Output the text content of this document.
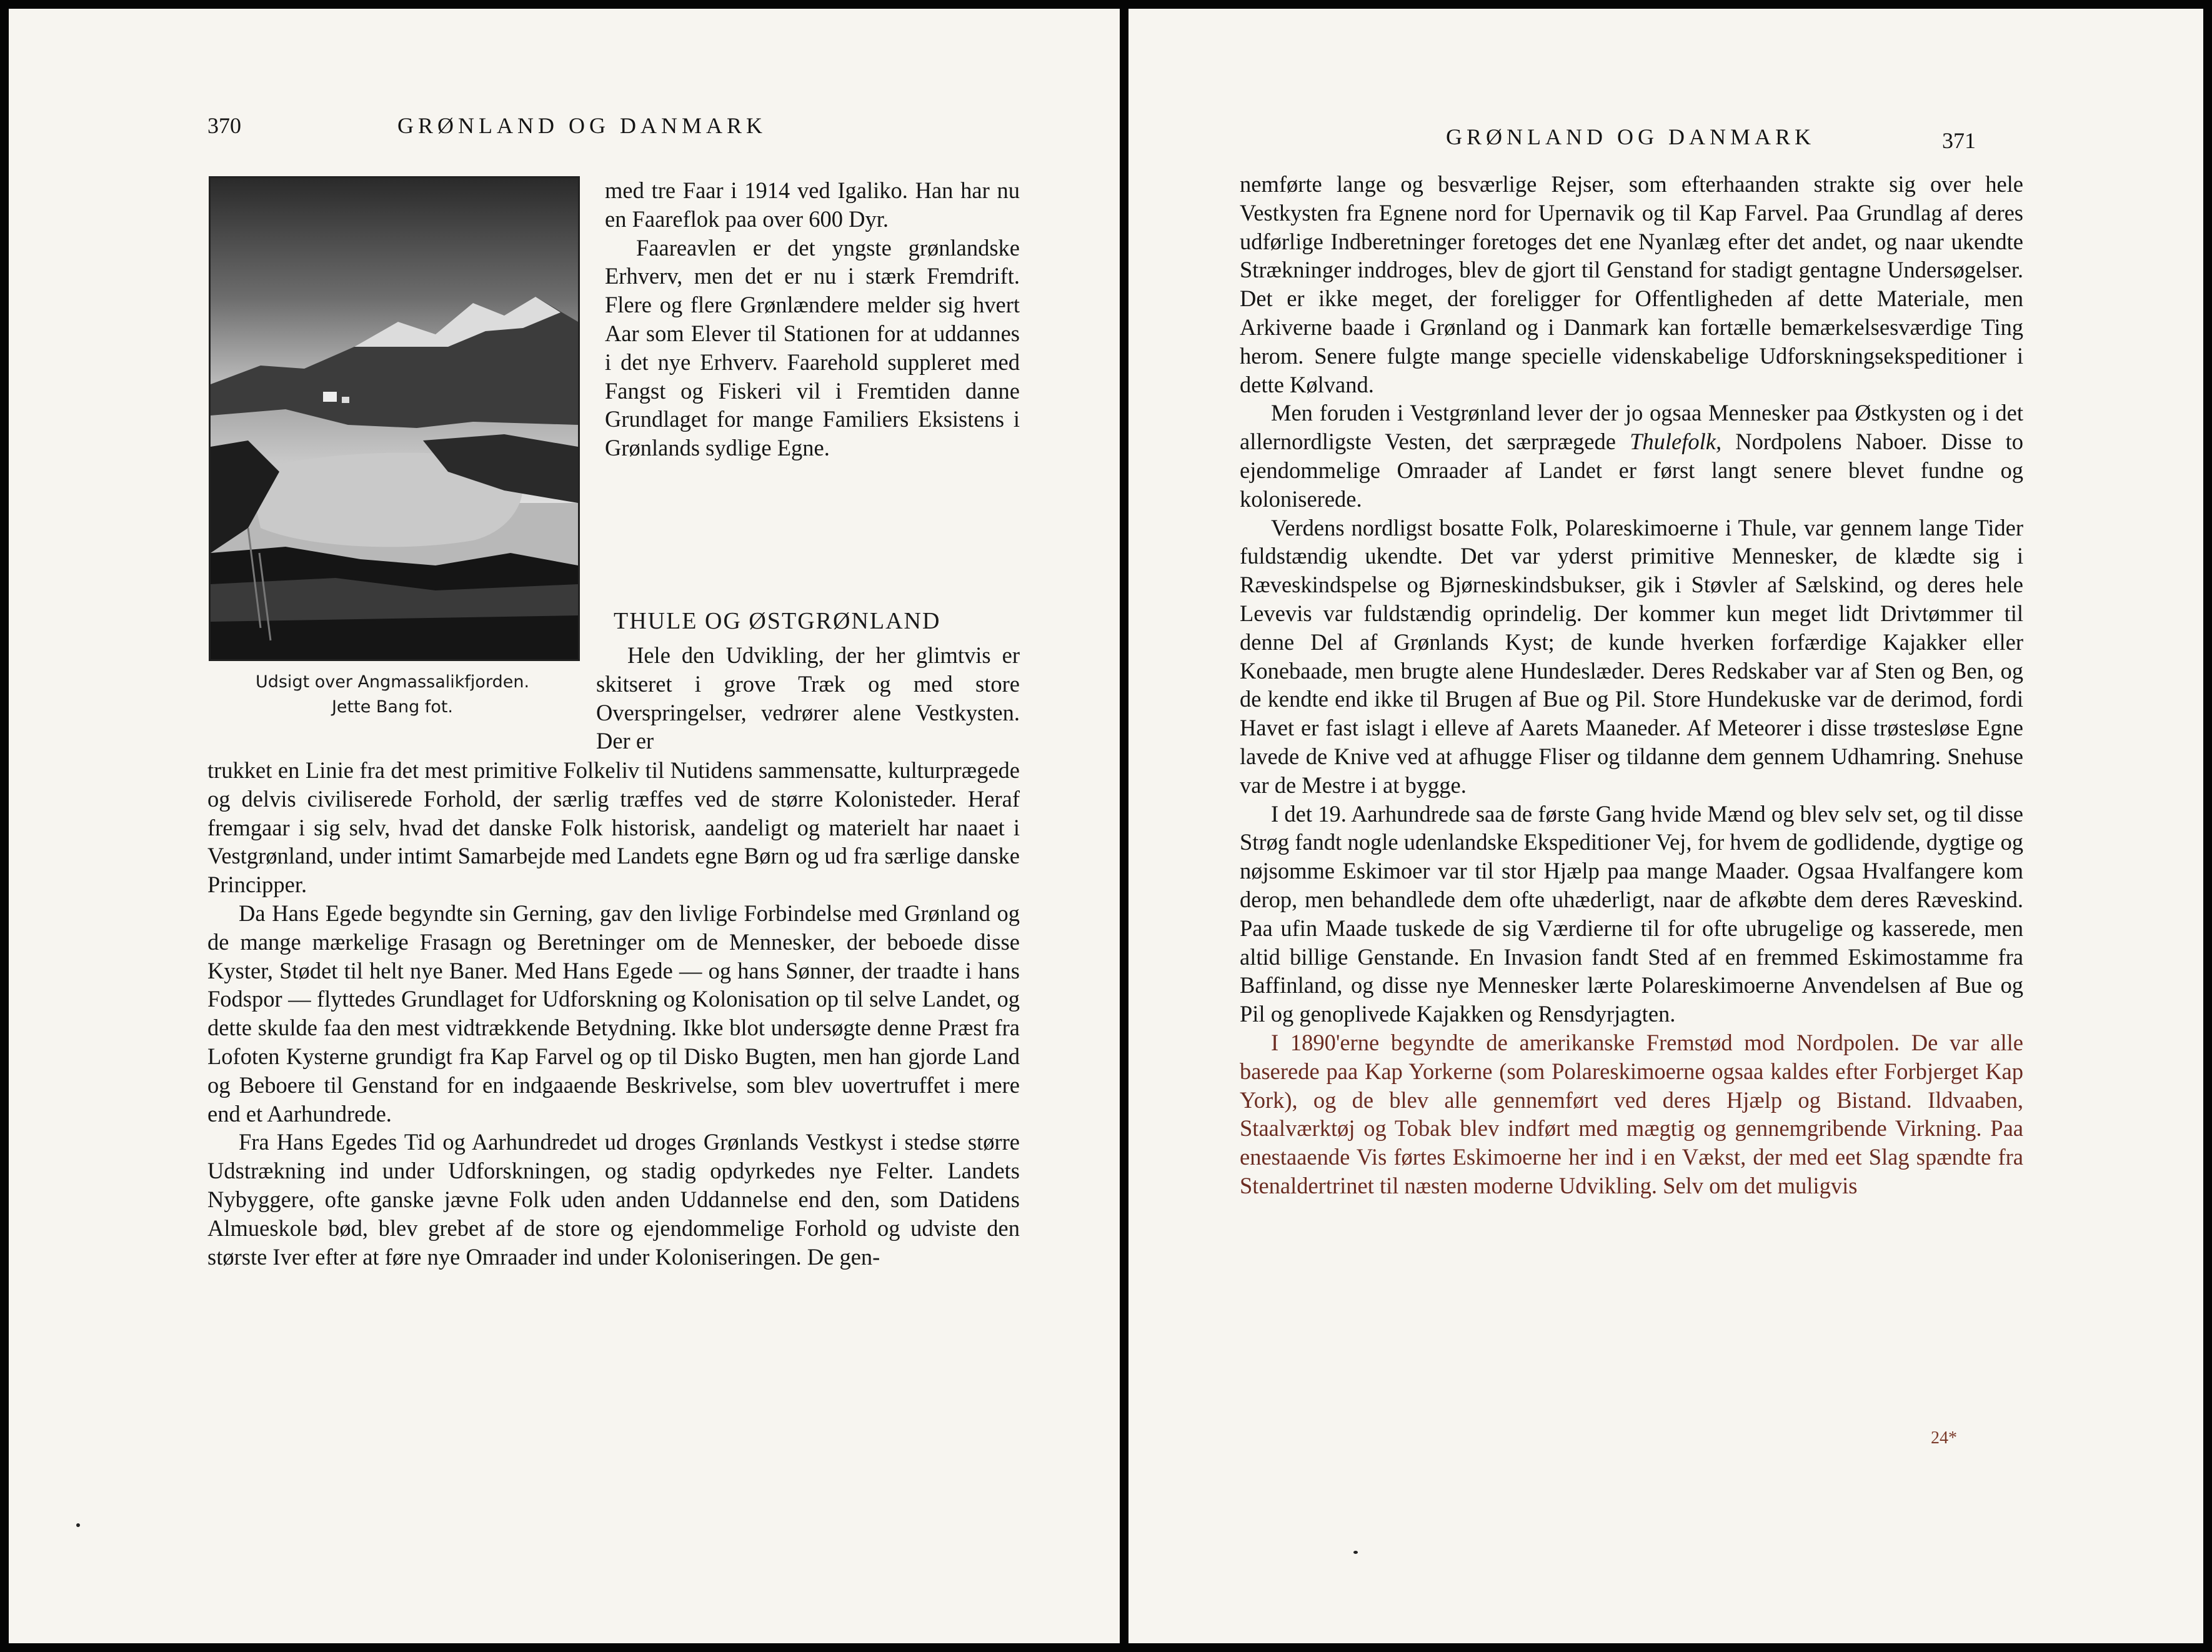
370	GRØNLAND OG DANMARK
Udsigt over Angmassalikfjorden.
Jette Bang fot.

med tre Faar i 1914 ved Igaliko. Han har nu en Faareflok paa over 600 Dyr.

Faareavlen er det yngste grønlandske Erhverv, men det er nu i stærk Fremdrift. Flere og flere Grønlændere melder sig hvert Aar som Elever til Stationen for at uddannes i det nye Erhverv. Faarehold suppleret med Fangst og Fiskeri vil i Fremtiden danne Grundlaget for mange Familiers Eksistens i Grønlands sydlige Egne.

THULE OG ØSTGRØNLAND

Hele den Udvikling, der her glimtvis er skitseret i grove Træk og med store Overspringelser, vedrører alene Vestkysten. Der er

trukket en Linie fra det mest primitive Folkeliv til Nutidens sammensatte, kulturprægede og delvis civiliserede Forhold, der særlig træffes ved de større Kolonisteder. Heraf fremgaar i sig selv, hvad det danske Folk historisk, aandeligt og materielt har naaet i Vestgrønland, under intimt Samarbejde med Landets egne Børn og ud fra særlige danske Principper.

Da Hans Egede begyndte sin Gerning, gav den livlige Forbindelse med Grønland og de mange mærkelige Frasagn og Beretninger om de Mennesker, der beboede disse Kyster, Stødet til helt nye Baner. Med Hans Egede — og hans Sønner, der traadte i hans Fodspor — flyttedes Grundlaget for Udforskning og Kolonisation op til selve Landet, og dette skulde faa den mest vidtrækkende Betydning. Ikke blot undersøgte denne Præst fra Lofoten Kysterne grundigt fra Kap Farvel og op til Disko Bugten, men han gjorde Land og Beboere til Genstand for en indgaaende Beskrivelse, som blev uovertruffet i mere end et Aarhundrede.

Fra Hans Egedes Tid og Aarhundredet ud droges Grønlands Vestkyst i stedse større Udstrækning ind under Udforskningen, og stadig opdyrkedes nye Felter. Landets Nybyggere, ofte ganske jævne Folk uden anden Uddannelse end den, som Datidens Almueskole bød, blev grebet af de store og ejendommelige Forhold og udviste den største Iver efter at føre nye Omraader ind under Koloniseringen. De gen-

GRØNLAND OG DANMARK	371

nemførte lange og besværlige Rejser, som efterhaanden strakte sig over hele Vestkysten fra Egnene nord for Upernavik og til Kap Farvel. Paa Grundlag af deres udførlige Indberetninger foretoges det ene Nyanlæg efter det andet, og naar ukendte Strækninger inddroges, blev de gjort til Genstand for stadigt gentagne Undersøgelser. Det er ikke meget, der foreligger for Offentligheden af dette Materiale, men Arkiverne baade i Grønland og i Danmark kan fortælle bemærkelsesværdige Ting herom. Senere fulgte mange specielle videnskabelige Udforskningsekspeditioner i dette Kølvand.

Men foruden i Vestgrønland lever der jo ogsaa Mennesker paa Østkysten og i det allernordligste Vesten, det særprægede Thulefolk, Nordpolens Naboer. Disse to ejendommelige Omraader af Landet er først langt senere blevet fundne og koloniserede.

Verdens nordligst bosatte Folk, Polareskimoerne i Thule, var gennem lange Tider fuldstændig ukendte. Det var yderst primitive Mennesker, de klædte sig i Ræveskindspelse og Bjørneskindsbukser, gik i Støvler af Sælskind, og deres hele Levevis var fuldstændig oprindelig. Der kommer kun meget lidt Drivtømmer til denne Del af Grønlands Kyst; de kunde hverken forfærdige Kajakker eller Konebaade, men brugte alene Hundeslæder. Deres Redskaber var af Sten og Ben, og de kendte end ikke til Brugen af Bue og Pil. Store Hundekuske var de derimod, fordi Havet er fast islagt i elleve af Aarets Maaneder. Af Meteorer i disse trøstesløse Egne lavede de Knive ved at afhugge Fliser og tildanne dem gennem Udhamring. Snehuse var de Mestre i at bygge.

I det 19. Aarhundrede saa de første Gang hvide Mænd og blev selv set, og til disse Strøg fandt nogle udenlandske Ekspeditioner Vej, for hvem de godlidende, dygtige og nøjsomme Eskimoer var til stor Hjælp paa mange Maader. Ogsaa Hvalfangere kom derop, men behandlede dem ofte uhæderligt, naar de afkøbte dem deres Ræveskind. Paa ufin Maade tuskede de sig Værdierne til for ofte ubrugelige og kasserede, men altid billige Genstande. En Invasion fandt Sted af en fremmed Eskimostamme fra Baffinland, og disse nye Mennesker lærte Polareskimoerne Anvendelsen af Bue og Pil og genoplivede Kajakken og Rensdyrjagten.

I 1890'erne begyndte de amerikanske Fremstød mod Nordpolen. De var alle baserede paa Kap Yorkerne (som Polareskimoerne ogsaa kaldes efter Forbjerget Kap York), og de blev alle gennemført ved deres Hjælp og Bistand. Ildvaaben, Staalværktøj og Tobak blev indført med mægtig og gennemgribende Virkning. Paa enestaaende Vis førtes Eskimoerne her ind i en Vækst, der med eet Slag spændte fra Stenaldertrinet til næsten moderne Udvikling. Selv om det muligvis

24*
